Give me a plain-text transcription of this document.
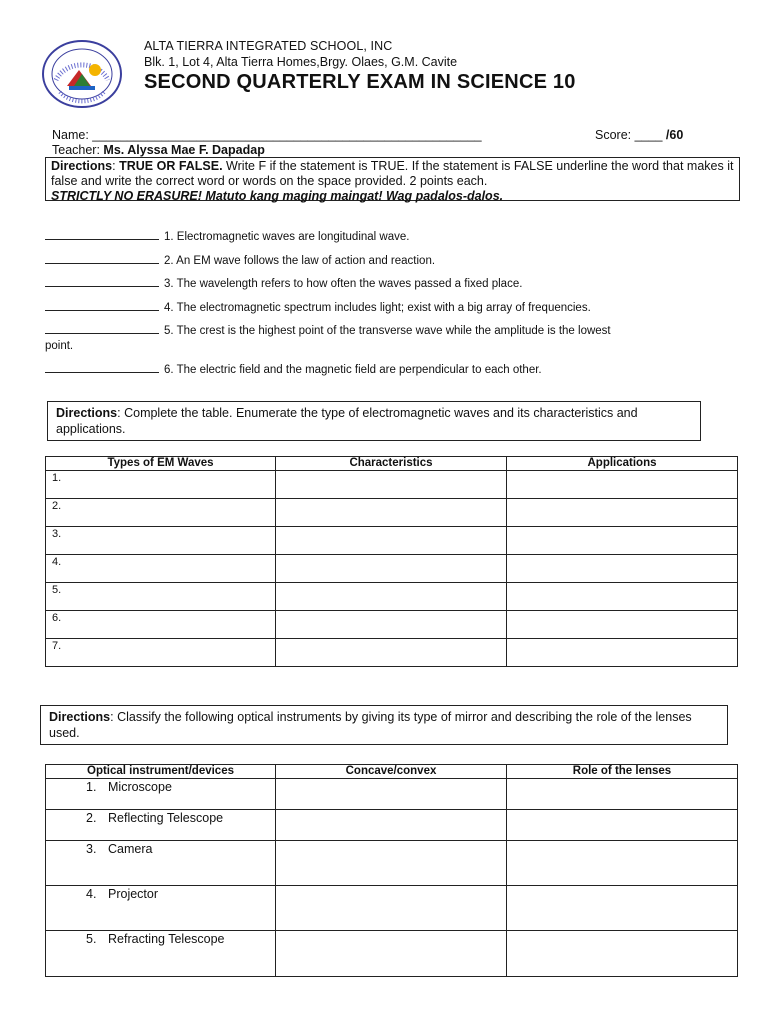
ALTA TIERRA INTEGRATED SCHOOL, INC
Blk. 1, Lot 4, Alta Tierra Homes,Brgy. Olaes, G.M. Cavite
SECOND QUARTERLY EXAM IN SCIENCE 10
Name: ________________________________________________________	Score: ____ /60
Teacher: Ms. Alyssa Mae F. Dapadap
Directions: TRUE OR FALSE. Write F if the statement is TRUE. If the statement is FALSE underline the word that makes it false and write the correct word or words on the space provided. 2 points each.
STRICTLY NO ERASURE! Matuto kang maging maingat! Wag padalos-dalos.
1. Electromagnetic waves are longitudinal wave.
2. An EM wave follows the law of action and reaction.
3. The wavelength refers to how often the waves passed a fixed place.
4. The electromagnetic spectrum includes light; exist with a big array of frequencies.
5. The crest is the highest point of the transverse wave while the amplitude is the lowest
point.
6. The electric field and the magnetic field are perpendicular to each other.
Directions: Complete the table. Enumerate the type of electromagnetic waves and its characteristics and applications.
Types of EM Waves	Characteristics	Applications
1.		
2.		
3.		
4.		
5.		
6.		
7.		
Directions: Classify the following optical instruments by giving its type of mirror and describing the role of the lenses used.
Optical instrument/devices	Concave/convex	Role of the lenses
1. Microscope		
2. Reflecting Telescope		
3. Camera		
4. Projector		
5. Refracting Telescope		
